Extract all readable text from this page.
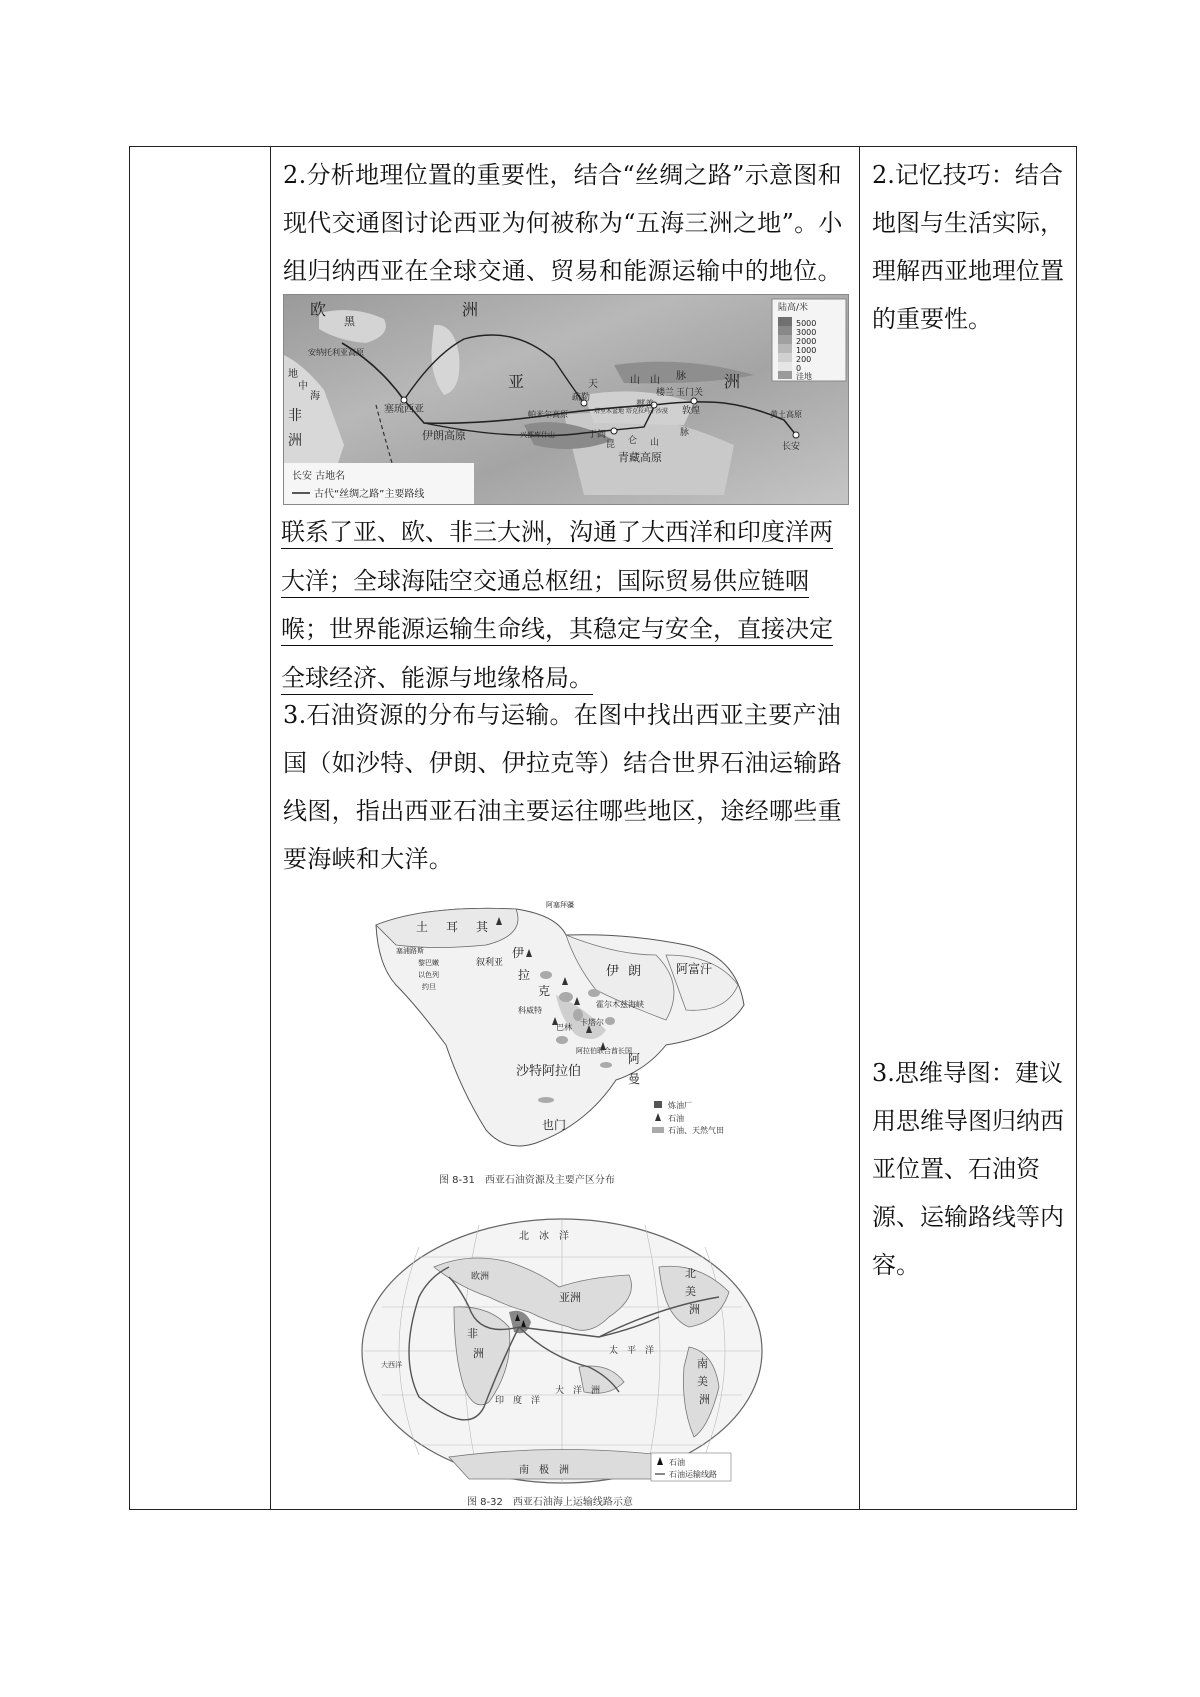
2.分析地理位置的重要性，结合“丝绸之路”示意图和现代交通图讨论西亚为何被称为“五海三洲之地”。小组归纳西亚在全球交通、贸易和能源运输中的地位。
陆高/米
5000
3000
2000
1000
200
0
洼地
欧	洲
亚	洲
非
洲
黑
地
中
海
安纳托利亚高原
塞琉西亚
伊朗高原
帕米尔高原
疏勒
天	山 山 脉
楼兰 玉门关
鄯善
敦煌
塔里木盆地 塔克拉玛干沙漠
兴都库什山	于阗
昆 仑 山
脉
青藏高原
黄土高原
长安
长安 古地名
古代“丝绸之路”主要路线
联系了亚、欧、非三大洲，沟通了大西洋和印度洋两大洋；全球海陆空交通总枢纽；国际贸易供应链咽喉；世界能源运输生命线，其稳定与安全，直接决定全球经济、能源与地缘格局。
3.石油资源的分布与运输。在图中找出西亚主要产油国（如沙特、伊朗、伊拉克等）结合世界石油运输路线图，指出西亚石油主要运往哪些地区，途经哪些重要海峡和大洋。
土 耳 其
叙利亚
伊
拉
克
伊 朗	阿富汗
科威特
巴林
卡塔尔
阿拉伯联合酋长国
沙特阿拉伯
阿
曼
也门
霍尔木兹海峡
塞浦路斯
黎巴嫩
以色列
约旦
阿塞拜疆
炼油厂
石油
石油、天然气田
图 8-31　西亚石油资源及主要产区分布
北　冰　洋
欧洲
亚洲
非
洲
北
美
洲
南
美
洲
太　平　洋
印　度　洋
大　洋　洲
南　极　洲
大西洋
石油
石油运输线路
图 8-32　西亚石油海上运输线路示意
2.记忆技巧：结合地图与生活实际，理解西亚地理位置的重要性。
3.思维导图：建议用思维导图归纳西亚位置、石油资源、运输路线等内容。
